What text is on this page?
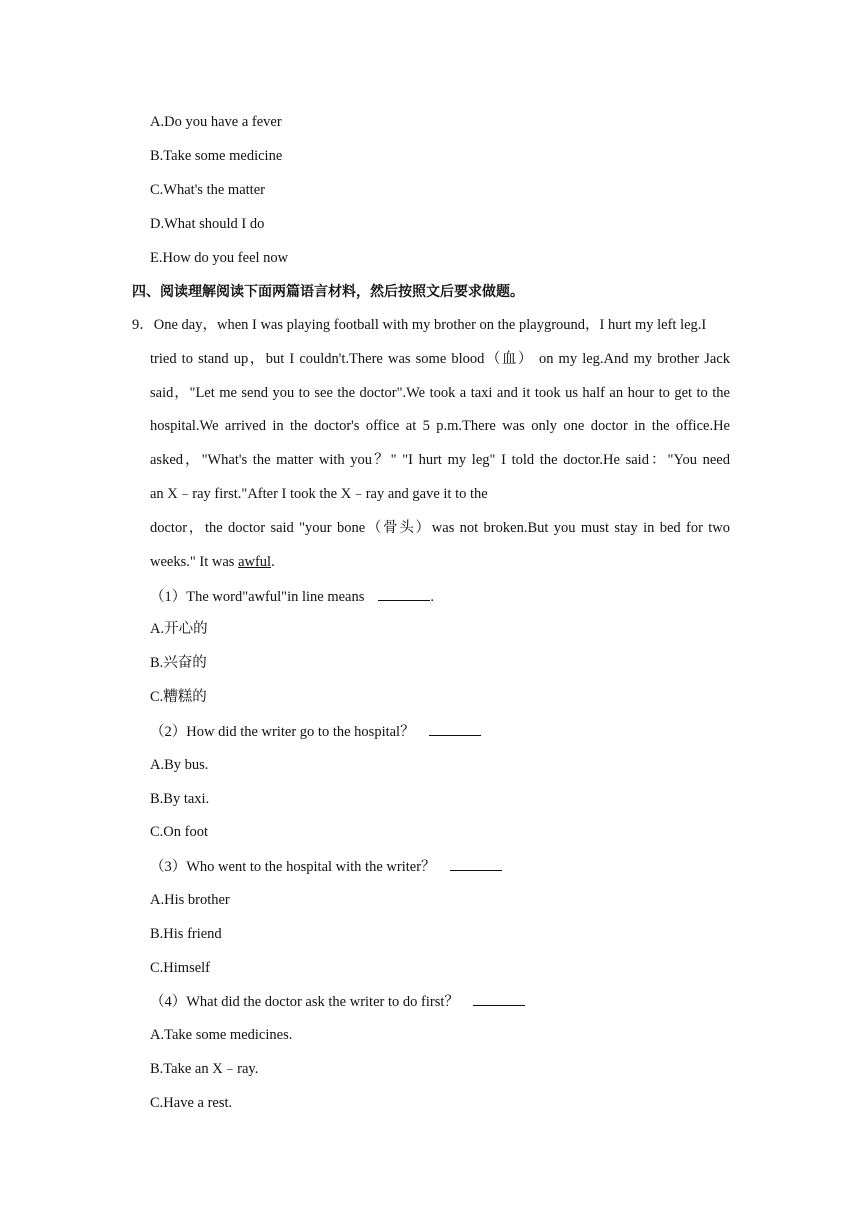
A.Do you have a fever
B.Take some medicine
C.What's the matter
D.What should I do
E.How do you feel now
四、阅读理解阅读下面两篇语言材料，然后按照文后要求做题。
9．One day，when I was playing football with my brother on the playground，I hurt my left leg.I
tried to stand up，but I couldn't.There was some blood（血） on my leg.And my brother Jack
said，"Let me send you to see the doctor".We took a taxi and it took us half an hour to get to the
hospital.We arrived in the doctor's office at 5 p.m.There was only one doctor in the office.He
asked，"What's the matter with you？" "I hurt my leg" I told the doctor.He said："You need
an X﹣ray first."After I took the X﹣ray and gave it to the
doctor，the doctor said "your bone（骨头）was not broken.But you must stay in bed for two
weeks." It was awful.
（1）The word"awful"in line means	.
A.开心的
B.兴奋的
C.糟糕的
（2）How did the writer go to the hospital？
A.By bus.
B.By taxi.
C.On foot
（3）Who went to the hospital with the writer？
A.His brother
B.His friend
C.Himself
（4）What did the doctor ask the writer to do first？
A.Take some medicines.
B.Take an X﹣ray.
C.Have a rest.
